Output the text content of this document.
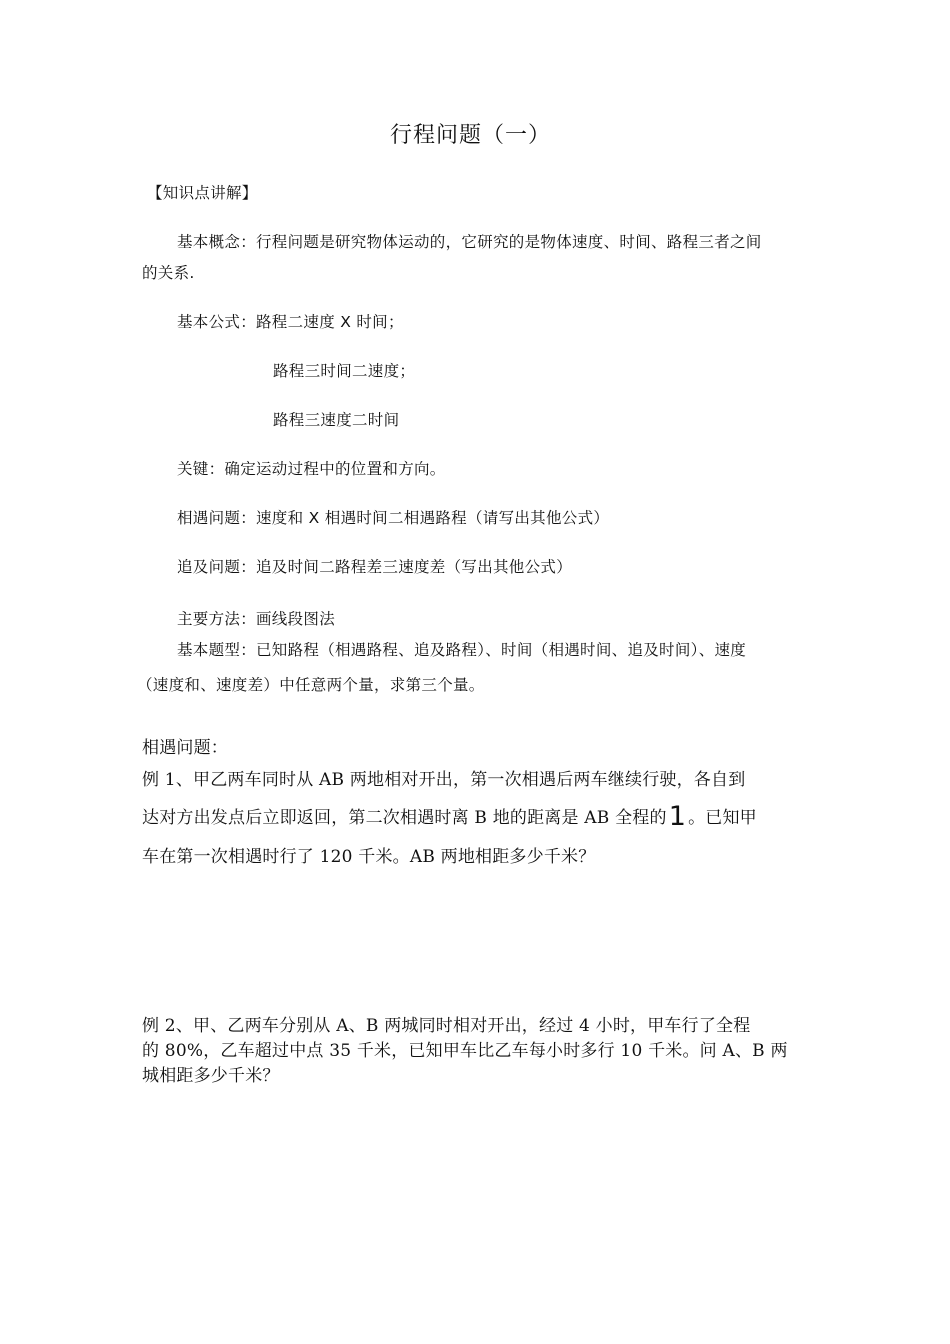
行程问题（一）
【知识点讲解】
基本概念：行程问题是研究物体运动的，它研究的是物体速度、时间、路程三者之间
的关系.
基本公式：路程二速度 X 时间；
路程三时间二速度；
路程三速度二时间
关键：确定运动过程中的位置和方向。
相遇问题：速度和 X 相遇时间二相遇路程（请写出其他公式）
追及问题：追及时间二路程差三速度差（写出其他公式）
主要方法：画线段图法
基本题型：已知路程（相遇路程、追及路程）、时间（相遇时间、追及时间）、速度
（速度和、速度差）中任意两个量，求第三个量。
相遇问题：
例 1、甲乙两车同时从 AB 两地相对开出，第一次相遇后两车继续行驶，各自到
达对方出发点后立即返回，第二次相遇时离 B 地的距离是 AB 全程的1 。已知甲
车在第一次相遇时行了 120 千米。AB 两地相距多少千米？
例 2、甲、乙两车分别从 A、B 两城同时相对开出，经过 4 小时，甲车行了全程
的 80%，乙车超过中点 35 千米，已知甲车比乙车每小时多行 10 千米。问 A、B 两
城相距多少千米？
